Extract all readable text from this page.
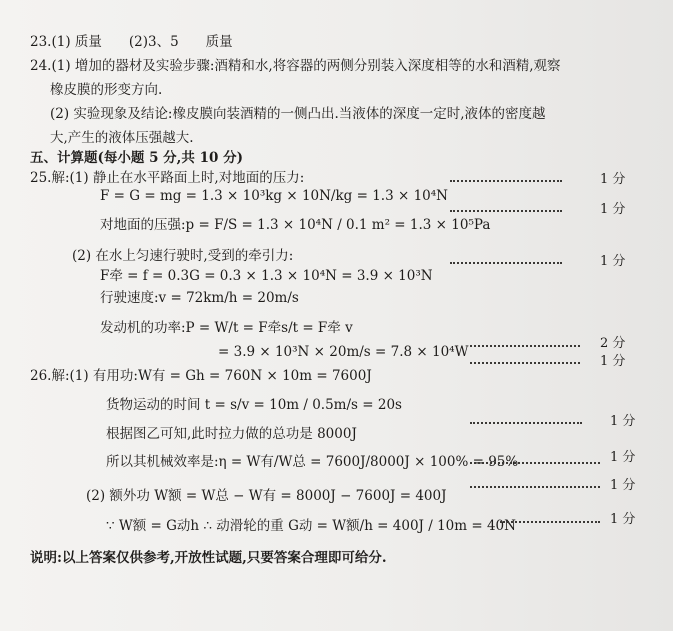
23.(1) 质量　　(2)3、5　　质量
24.(1) 增加的器材及实验步骤:酒精和水,将容器的两侧分别装入深度相等的水和酒精,观察
橡皮膜的形变方向.
(2) 实验现象及结论:橡皮膜向装酒精的一侧凸出.当液体的深度一定时,液体的密度越
大,产生的液体压强越大.
五、计算题(每小题 5 分,共 10 分)
25.解:(1) 静止在水平路面上时,对地面的压力:
F = G = mg = 1.3 × 10³kg × 10N/kg = 1.3 × 10⁴N
对地面的压强:p = F/S = 1.3 × 10⁴N / 0.1 m² = 1.3 × 10⁵Pa
(2) 在水上匀速行驶时,受到的牵引力:
F牵 = f = 0.3G = 0.3 × 1.3 × 10⁴N = 3.9 × 10³N
行驶速度:v = 72km/h = 20m/s
发动机的功率:P = W/t = F牵s/t = F牵 v
= 3.9 × 10³N × 20m/s = 7.8 × 10⁴W
26.解:(1) 有用功:W有 = Gh = 760N × 10m = 7600J
货物运动的时间 t = s/v = 10m / 0.5m/s = 20s
根据图乙可知,此时拉力做的总功是 8000J
所以其机械效率是:η = W有/W总 = 7600J/8000J × 100% = 95%
(2) 额外功 W额 = W总 − W有 = 8000J − 7600J = 400J
∵ W额 = G动h ∴ 动滑轮的重 G动 = W额/h = 400J / 10m = 40N
说明:以上答案仅供参考,开放性试题,只要答案合理即可给分.
1 分
1 分
1 分
2 分
1 分
1 分
1 分
1 分
1 分
